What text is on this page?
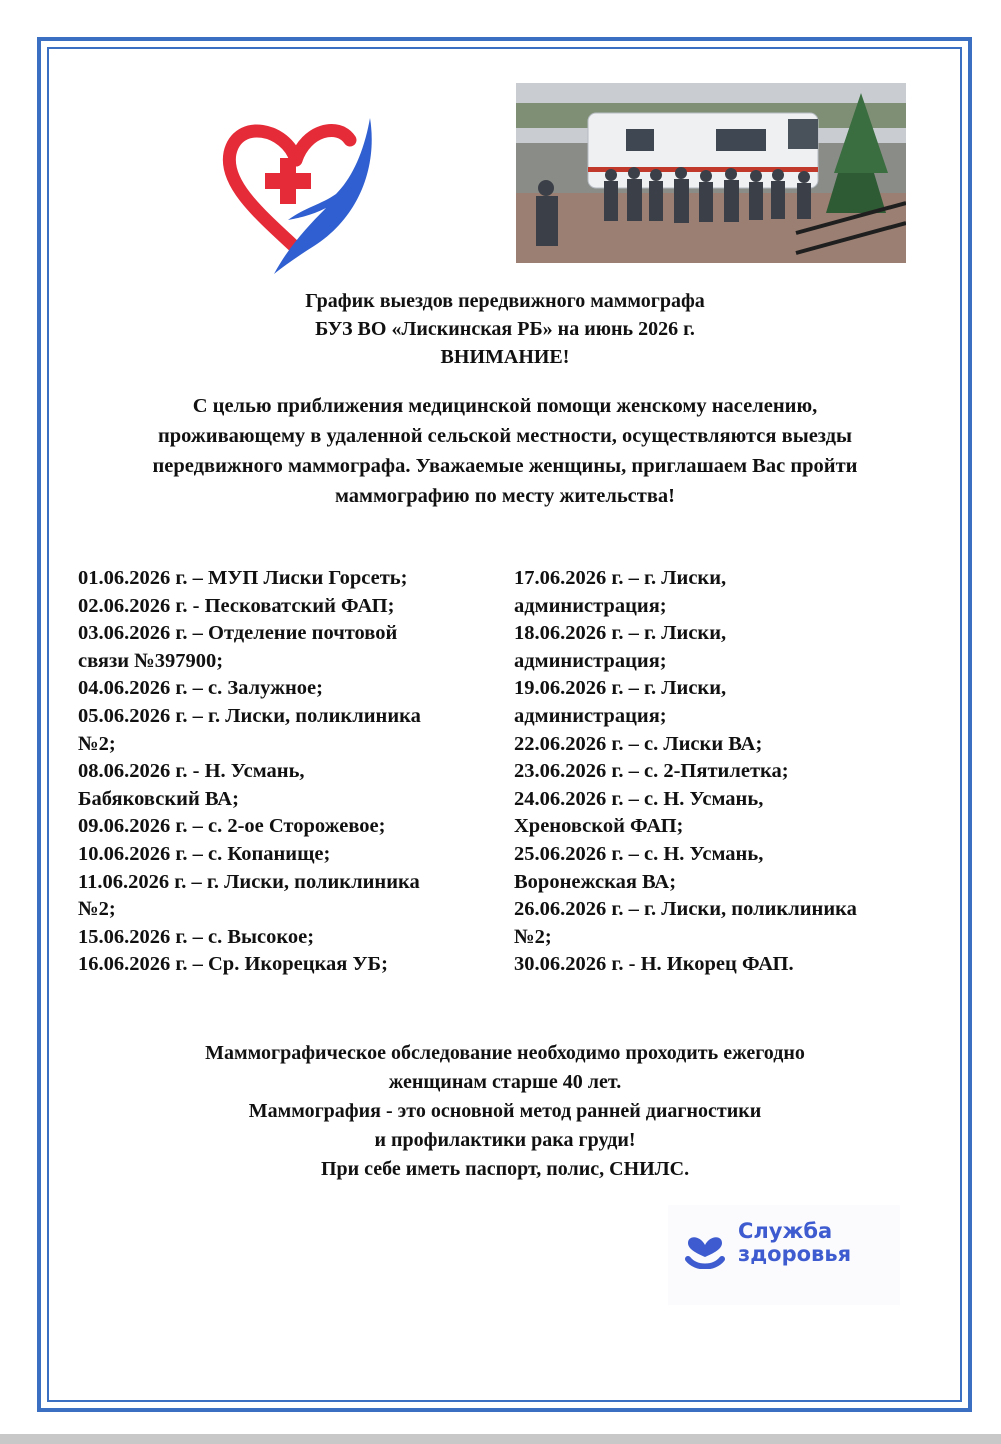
График выездов передвижного маммографа
БУЗ ВО «Лискинская РБ» на июнь 2026 г.
ВНИМАНИЕ!
С целью приближения медицинской помощи женскому населению,
проживающему в удаленной сельской местности, осуществляются выезды
передвижного маммографа. Уважаемые женщины, приглашаем Вас пройти
маммографию по месту жительства!
01.06.2026 г. – МУП Лиски Горсеть;
02.06.2026 г. - Песковатский ФАП;
03.06.2026 г. – Отделение почтовой
связи №397900;
04.06.2026 г. – с. Залужное;
05.06.2026 г. – г. Лиски, поликлиника
№2;
08.06.2026 г. - Н. Усмань,
Бабяковский ВА;
09.06.2026 г. – с. 2-ое Сторожевое;
10.06.2026 г. – с. Копанище;
11.06.2026 г. – г. Лиски, поликлиника
№2;
15.06.2026 г. – с. Высокое;
16.06.2026 г. – Ср. Икорецкая УБ;
17.06.2026 г. – г. Лиски,
администрация;
18.06.2026 г. – г. Лиски,
администрация;
19.06.2026 г. – г. Лиски,
администрация;
22.06.2026 г. – с. Лиски ВА;
23.06.2026 г. – с. 2-Пятилетка;
24.06.2026 г. – с. Н. Усмань,
Хреновской ФАП;
25.06.2026 г. – с. Н. Усмань,
Воронежская ВА;
26.06.2026 г. – г. Лиски, поликлиника
№2;
30.06.2026 г. - Н. Икорец ФАП.
Маммографическое обследование необходимо проходить ежегодно
женщинам старше 40 лет.
Маммография - это основной метод ранней диагностики
и профилактики рака груди!
При себе иметь паспорт, полис, СНИЛС.
Служба
здоровья
